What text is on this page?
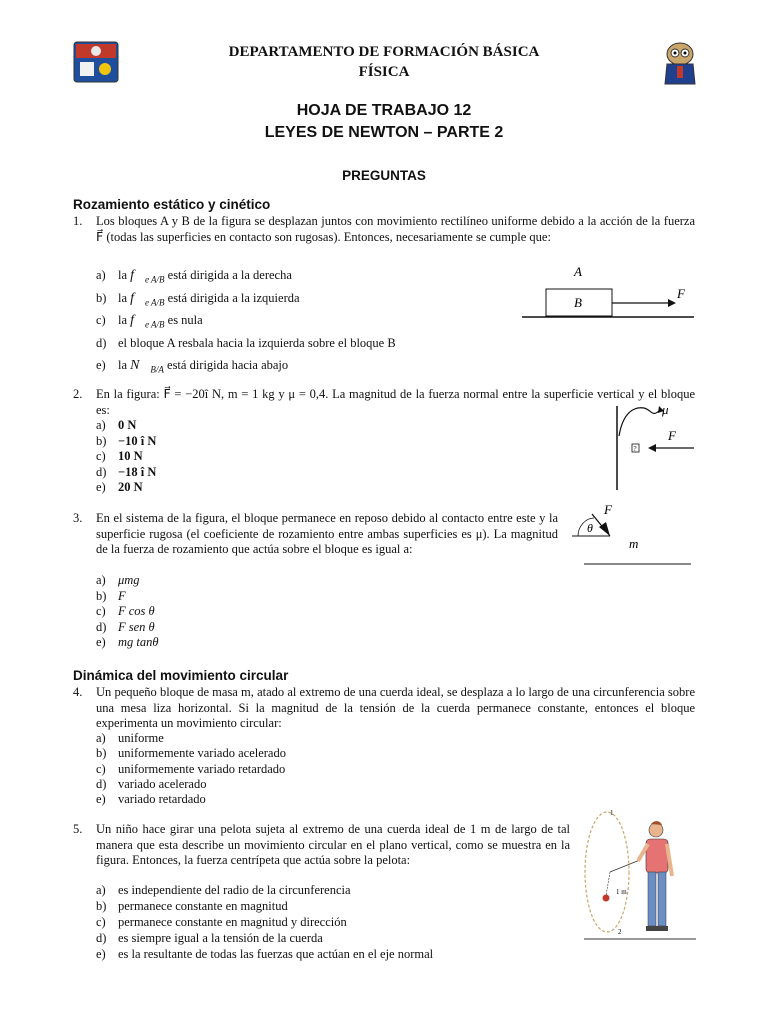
DEPARTAMENTO DE FORMACIÓN BÁSICA
FÍSICA
HOJA DE TRABAJO 12
LEYES DE NEWTON – PARTE 2
PREGUNTAS
Rozamiento estático y cinético
1.	Los bloques A y B de la figura se desplazan juntos con movimiento rectilíneo uniforme debido a la acción de la fuerza F⃗ (todas las superficies en contacto son rugosas). Entonces, necesariamente se cumple que:
a) la $f⃗_{e A/B}$ está dirigida a la derecha
b) la $f⃗_{e A/B}$ está dirigida a la izquierda
c) la $f⃗_{e A/B}$ es nula
d) el bloque A resbala hacia la izquierda sobre el bloque B
e) la $N⃗_{B/A}$ está dirigida hacia abajo
A
B
F⃗
2.	En la figura: F⃗ = −20î N, m = 1 kg y μ = 0,4. La magnitud de la fuerza normal entre la superficie vertical y el bloque es:
a) 0 N
b) −10 î N
c) 10 N
d) −18 î N
e) 20 N
μ
F⃗
?
3.	En el sistema de la figura, el bloque permanece en reposo debido al contacto entre este y la superficie rugosa (el coeficiente de rozamiento entre ambas superficies es μ). La magnitud de la fuerza de rozamiento que actúa sobre el bloque es igual a:
a) μmg
b) F
c) F cos θ
d) F sen θ
e) mg tanθ
F⃗
θ
m
Dinámica del movimiento circular
4.	Un pequeño bloque de masa m, atado al extremo de una cuerda ideal, se desplaza a lo largo de una circunferencia sobre una mesa liza horizontal. Si la magnitud de la tensión de la cuerda permanece constante, entonces el bloque experimenta un movimiento circular:
a) uniforme
b) uniformemente variado acelerado
c) uniformemente variado retardado
d) variado acelerado
e) variado retardado
5.	Un niño hace girar una pelota sujeta al extremo de una cuerda ideal de 1 m de largo de tal manera que esta describe un movimiento circular en el plano vertical, como se muestra en la figura. Entonces, la fuerza centrípeta que actúa sobre la pelota:
a) es independiente del radio de la circunferencia
b) permanece constante en magnitud
c) permanece constante en magnitud y dirección
d) es siempre igual a la tensión de la cuerda
e) es la resultante de todas las fuerzas que actúan en el eje normal
1
1 m
2
